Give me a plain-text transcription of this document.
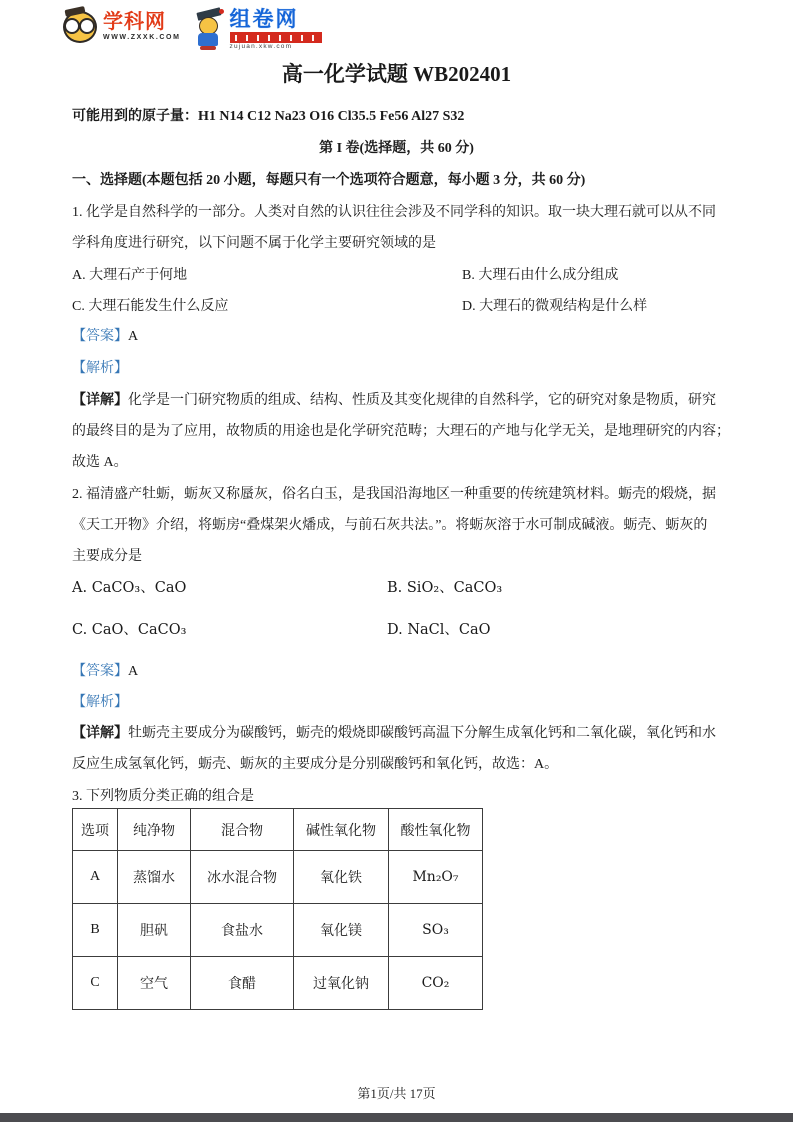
学科网
WWW.ZXXK.COM
组卷网
zujuan.xkw.com
高一化学试题 WB202401
可能用到的原子量：H1 N14 C12 Na23 O16 Cl35.5 Fe56 Al27 S32
第 I 卷(选择题，共 60 分)
一、选择题(本题包括 20 小题，每题只有一个选项符合题意，每小题 3 分，共 60 分)
1. 化学是自然科学的一部分。人类对自然的认识往往会涉及不同学科的知识。取一块大理石就可以从不同
学科角度进行研究，以下问题不属于化学主要研究领域的是
A. 大理石产于何地	B. 大理石由什么成分组成
C. 大理石能发生什么反应	D. 大理石的微观结构是什么样
【答案】A
【解析】
【详解】化学是一门研究物质的组成、结构、性质及其变化规律的自然科学，它的研究对象是物质，研究
的最终目的是为了应用，故物质的用途也是化学研究范畴；大理石的产地与化学无关，是地理研究的内容；
故选 A。
2. 福清盛产牡蛎，蛎灰又称蜃灰，俗名白玉，是我国沿海地区一种重要的传统建筑材料。蛎壳的煅烧，据
《天工开物》介绍，将蛎房“叠煤架火燔成，与前石灰共法。”。将蛎灰溶于水可制成碱液。蛎壳、蛎灰的
主要成分是
A. CaCO₃、CaO	B. SiO₂、CaCO₃
C. CaO、CaCO₃	D. NaCl、CaO
【答案】A
【解析】
【详解】牡蛎壳主要成分为碳酸钙，蛎壳的煅烧即碳酸钙高温下分解生成氧化钙和二氧化碳，氧化钙和水
反应生成氢氧化钙，蛎壳、蛎灰的主要成分是分别碳酸钙和氧化钙，故选：A。
3. 下列物质分类正确的组合是
选项	纯净物	混合物	碱性氧化物	酸性氧化物
A	蒸馏水	冰水混合物	氧化铁	Mn₂O₇
B	胆矾	食盐水	氧化镁	SO₃
C	空气	食醋	过氧化钠	CO₂
第1页/共 17页
